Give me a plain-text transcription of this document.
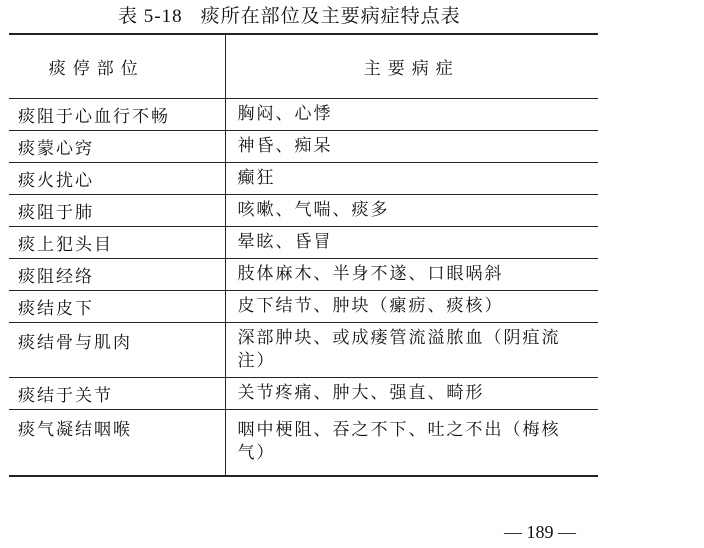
表 5-18 痰所在部位及主要病症特点表
痰停部位	主要病症
痰阻于心血行不畅	胸闷、心悸
痰蒙心窍	神昏、痴呆
痰火扰心	癫狂
痰阻于肺	咳嗽、气喘、痰多
痰上犯头目	晕眩、昏冒
痰阻经络	肢体麻木、半身不遂、口眼㖞斜
痰结皮下	皮下结节、肿块（瘰疬、痰核）
痰结骨与肌肉	深部肿块、或成瘘管流溢脓血（阴疽流注）
痰结于关节	关节疼痛、肿大、强直、畸形
痰气凝结咽喉	咽中梗阻、吞之不下、吐之不出（梅核气）
— 189 —
